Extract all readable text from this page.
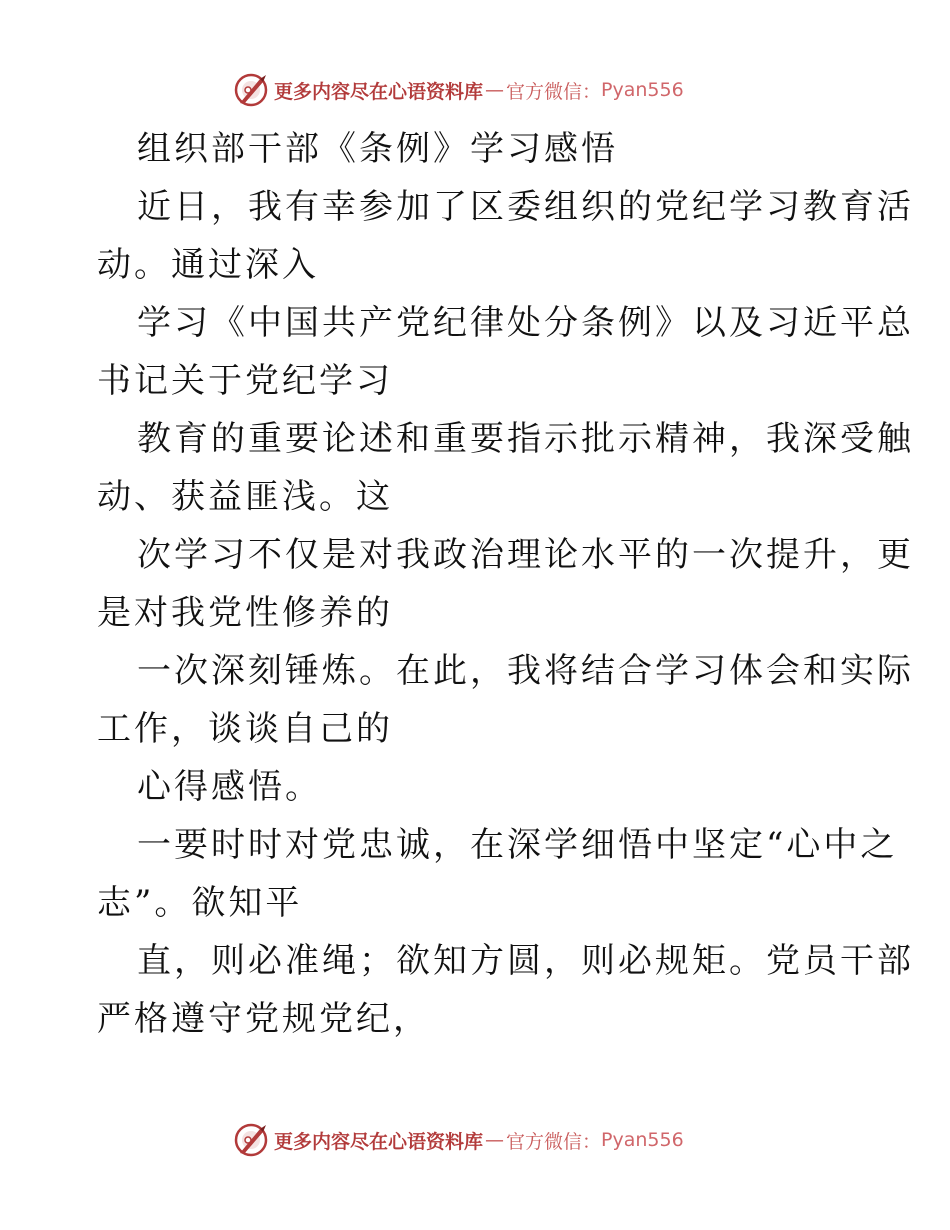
更多内容尽在心语资料库 — 官方微信： Pyan556
组织部干部《条例》学习感悟
近日，我有幸参加了区委组织的党纪学习教育活
动。通过深入
学习《中国共产党纪律处分条例》以及习近平总
书记关于党纪学习
教育的重要论述和重要指示批示精神，我深受触
动、获益匪浅。这
次学习不仅是对我政治理论水平的一次提升，更
是对我党性修养的
一次深刻锤炼。在此，我将结合学习体会和实际
工作，谈谈自己的
心得感悟。
一要时时对党忠诚，在深学细悟中坚定“心中之
志”。欲知平
直，则必准绳；欲知方圆，则必规矩。党员干部
严格遵守党规党纪，
更多内容尽在心语资料库 — 官方微信： Pyan556
